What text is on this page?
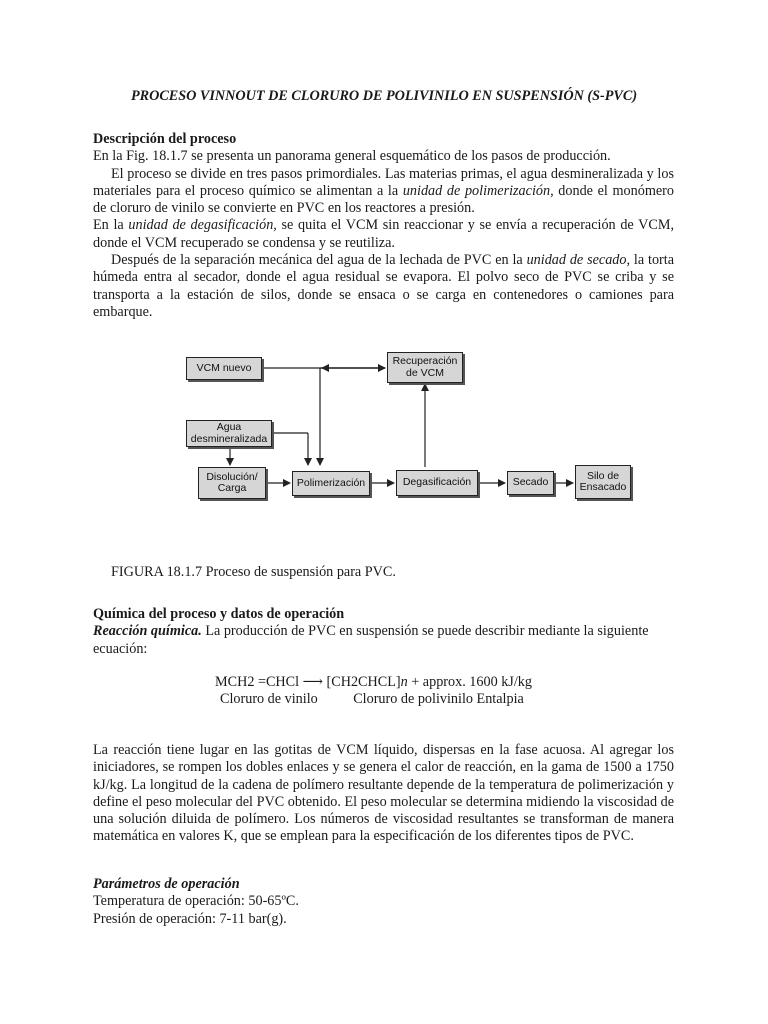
PROCESO VINNOUT DE CLORURO DE POLIVINILO EN SUSPENSIÓN (S-PVC)

Descripción del proceso

En la Fig. 18.1.7 se presenta un panorama general esquemático de los pasos de producción.

El proceso se divide en tres pasos primordiales. Las materias primas, el agua desmineralizada y los materiales para el proceso químico se alimentan a la unidad de polimerización, donde el monómero de cloruro de vinilo se convierte en PVC en los reactores a presión.

En la unidad de degasificación, se quita el VCM sin reaccionar y se envía a recuperación de VCM, donde el VCM recuperado se condensa y se reutiliza.

Después de la separación mecánica del agua de la lechada de PVC en la unidad de secado, la torta húmeda entra al secador, donde el agua residual se evapora. El polvo seco de PVC se criba y se transporta a la estación de silos, donde se ensaca o se carga en contenedores o camiones para embarque.

VCM nuevo
Recuperación
de VCM
Agua
desmineralizada
Disolución/
Carga	Polimerización	Degasificación	Secado
Silo de
Ensacado

FIGURA 18.1.7 Proceso de suspensión para PVC.

Química del proceso y datos de operación

Reacción química. La producción de PVC en suspensión se puede describir mediante la siguiente ecuación:

MCH2 =CHCl ⟶ [CH2CHCL]n + approx. 1600 kJ/kg

Cloruro de vinilo          Cloruro de polivinilo Entalpia

La reacción tiene lugar en las gotitas de VCM líquido, dispersas en la fase acuosa. Al agregar los iniciadores, se rompen los dobles enlaces y se genera el calor de reacción, en la gama de 1500 a 1750 kJ/kg. La longitud de la cadena de polímero resultante depende de la temperatura de polimerización y define el peso molecular del PVC obtenido. El peso molecular se determina midiendo la viscosidad de una solución diluida de polímero. Los números de viscosidad resultantes se transforman de manera matemática en valores K, que se emplean para la especificación de los diferentes tipos de PVC.

Parámetros de operación

Temperatura de operación: 50-65ºC.

Presión de operación: 7-11 bar(g).
